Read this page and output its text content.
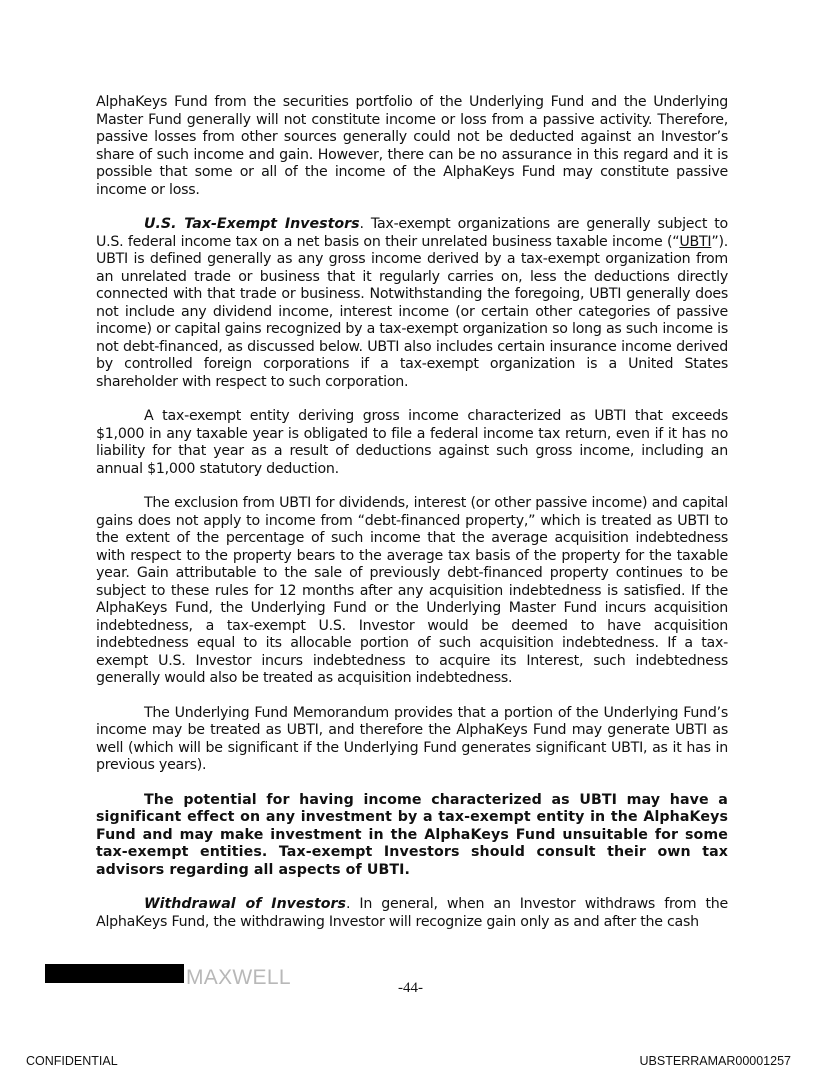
AlphaKeys Fund from the securities portfolio of the Underlying Fund and the Underlying Master Fund generally will not constitute income or loss from a passive activity. Therefore, passive losses from other sources generally could not be deducted against an Investor’s share of such income and gain. However, there can be no assurance in this regard and it is possible that some or all of the income of the AlphaKeys Fund may constitute passive income or loss.

U.S. Tax-Exempt Investors. Tax-exempt organizations are generally subject to U.S. federal income tax on a net basis on their unrelated business taxable income (“UBTI”). UBTI is defined generally as any gross income derived by a tax-exempt organization from an unrelated trade or business that it regularly carries on, less the deductions directly connected with that trade or business. Notwithstanding the foregoing, UBTI generally does not include any dividend income, interest income (or certain other categories of passive income) or capital gains recognized by a tax-exempt organization so long as such income is not debt-financed, as discussed below. UBTI also includes certain insurance income derived by controlled foreign corporations if a tax-exempt organization is a United States shareholder with respect to such corporation.

A tax-exempt entity deriving gross income characterized as UBTI that exceeds $1,000 in any taxable year is obligated to file a federal income tax return, even if it has no liability for that year as a result of deductions against such gross income, including an annual $1,000 statutory deduction.

The exclusion from UBTI for dividends, interest (or other passive income) and capital gains does not apply to income from “debt-financed property,” which is treated as UBTI to the extent of the percentage of such income that the average acquisition indebtedness with respect to the property bears to the average tax basis of the property for the taxable year. Gain attributable to the sale of previously debt-financed property continues to be subject to these rules for 12 months after any acquisition indebtedness is satisfied. If the AlphaKeys Fund, the Underlying Fund or the Underlying Master Fund incurs acquisition indebtedness, a tax-exempt U.S. Investor would be deemed to have acquisition indebtedness equal to its allocable portion of such acquisition indebtedness. If a tax-exempt U.S. Investor incurs indebtedness to acquire its Interest, such indebtedness generally would also be treated as acquisition indebtedness.

The Underlying Fund Memorandum provides that a portion of the Underlying Fund’s income may be treated as UBTI, and therefore the AlphaKeys Fund may generate UBTI as well (which will be significant if the Underlying Fund generates significant UBTI, as it has in previous years).

The potential for having income characterized as UBTI may have a significant effect on any investment by a tax-exempt entity in the AlphaKeys Fund and may make investment in the AlphaKeys Fund unsuitable for some tax-exempt entities. Tax-exempt Investors should consult their own tax advisors regarding all aspects of UBTI.

Withdrawal of Investors. In general, when an Investor withdraws from the AlphaKeys Fund, the withdrawing Investor will recognize gain only as and after the cash

MAXWELL	-44-
CONFIDENTIAL	UBSTERRAMAR00001257
